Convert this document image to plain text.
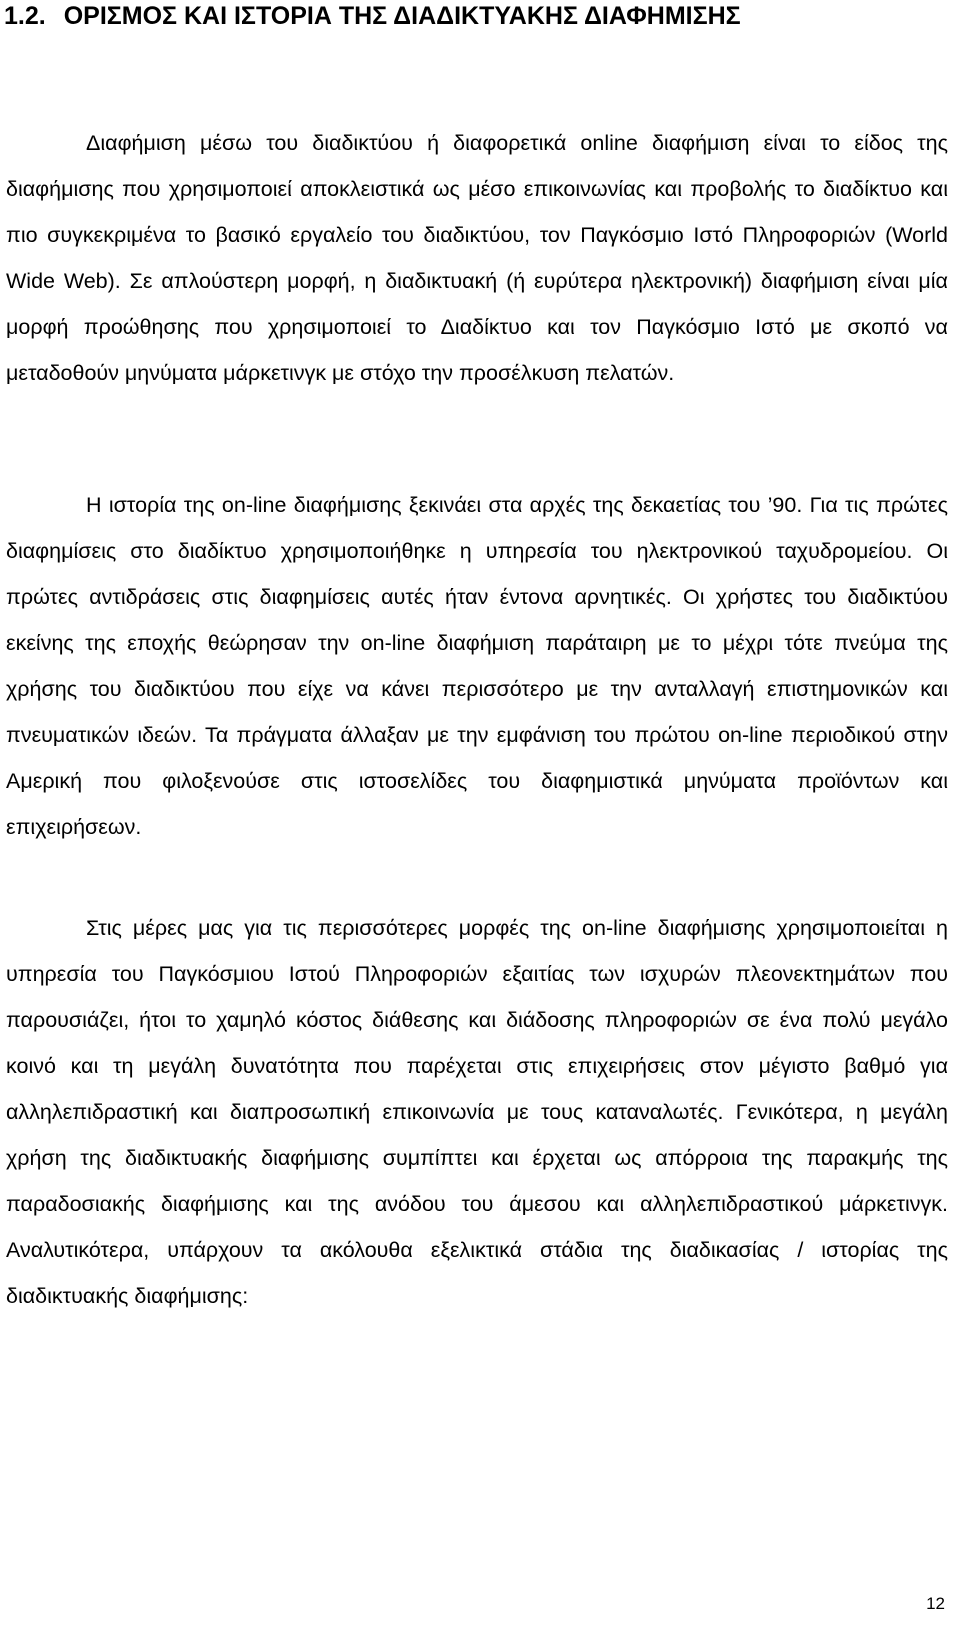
1.2. ΟΡΙΣΜΟΣ ΚΑΙ ΙΣΤΟΡΙΑ ΤΗΣ ΔΙΑΔΙΚΤΥΑΚΗΣ ΔΙΑΦΗΜΙΣΗΣ

Διαφήμιση μέσω του διαδικτύου ή διαφορετικά online διαφήμιση είναι το είδος της διαφήμισης που χρησιμοποιεί αποκλειστικά ως μέσο επικοινωνίας και προβολής το διαδίκτυο και πιο συγκεκριμένα το βασικό εργαλείο του διαδικτύου, τον Παγκόσμιο Ιστό Πληροφοριών (World Wide Web). Σε απλούστερη μορφή, η διαδικτυακή (ή ευρύτερα ηλεκτρονική) διαφήμιση είναι μία μορφή προώθησης που χρησιμοποιεί το Διαδίκτυο και τον Παγκόσμιο Ιστό με σκοπό να μεταδοθούν μηνύματα μάρκετινγκ με στόχο την προσέλκυση πελατών.

Η ιστορία της on-line διαφήμισης ξεκινάει στα αρχές της δεκαετίας του ’90. Για τις πρώτες διαφημίσεις στο διαδίκτυο χρησιμοποιήθηκε η υπηρεσία του ηλεκτρονικού ταχυδρομείου. Οι πρώτες αντιδράσεις στις διαφημίσεις αυτές ήταν έντονα αρνητικές. Οι χρήστες του διαδικτύου εκείνης της εποχής θεώρησαν την on-line διαφήμιση παράταιρη με το μέχρι τότε πνεύμα της χρήσης του διαδικτύου που είχε να κάνει περισσότερο με την ανταλλαγή επιστημονικών και πνευματικών ιδεών. Τα πράγματα άλλαξαν με την εμφάνιση του πρώτου on-line περιοδικού στην Αμερική που φιλοξενούσε στις ιστοσελίδες του διαφημιστικά μηνύματα προϊόντων και επιχειρήσεων.

Στις μέρες μας για τις περισσότερες μορφές της on-line διαφήμισης χρησιμοποιείται η υπηρεσία του Παγκόσμιου Ιστού Πληροφοριών εξαιτίας των ισχυρών πλεονεκτημάτων που παρουσιάζει, ήτοι το χαμηλό κόστος διάθεσης και διάδοσης πληροφοριών σε ένα πολύ μεγάλο κοινό και τη μεγάλη δυνατότητα που παρέχεται στις επιχειρήσεις στον μέγιστο βαθμό για αλληλεπιδραστική και διαπροσωπική επικοινωνία με τους καταναλωτές. Γενικότερα, η μεγάλη χρήση της διαδικτυακής διαφήμισης συμπίπτει και έρχεται ως απόρροια της παρακμής της παραδοσιακής διαφήμισης και της ανόδου του άμεσου και αλληλεπιδραστικού μάρκετινγκ. Αναλυτικότερα, υπάρχουν τα ακόλουθα εξελικτικά στάδια της διαδικασίας / ιστορίας της διαδικτυακής διαφήμισης:

12
